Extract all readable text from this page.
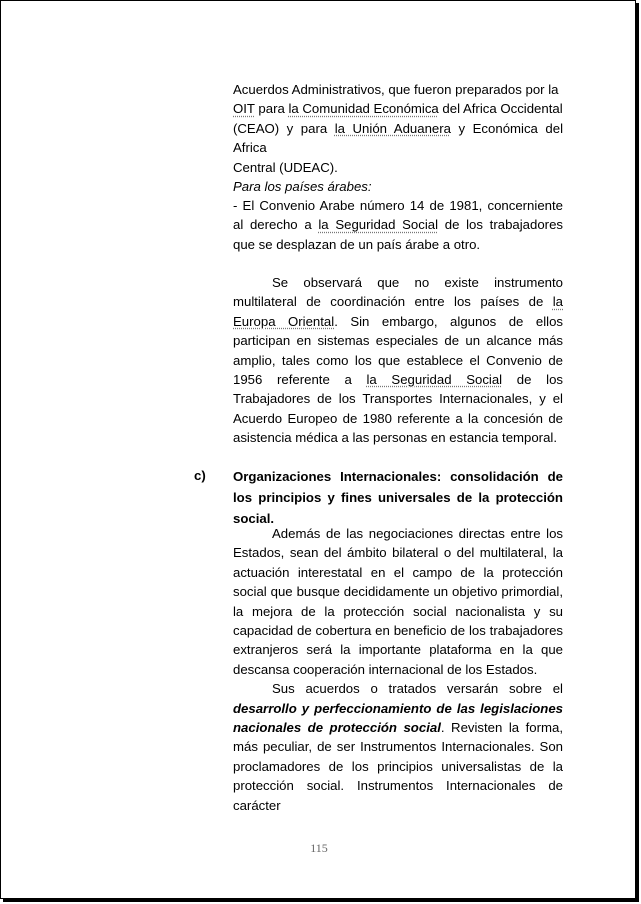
Acuerdos Administrativos, que fueron preparados por la

OIT para la Comunidad Económica del Africa Occidental

(CEAO) y para la Unión Aduanera y Económica del Africa

Central (UDEAC).

Para los países árabes:

- El Convenio Arabe número 14 de 1981, concerniente al derecho a la Seguridad Social de los trabajadores que se desplazan de un país árabe a otro.

Se observará que no existe instrumento multilateral de coordinación entre los países de la Europa Oriental. Sin embargo, algunos de ellos participan en sistemas especiales de un alcance más amplio, tales como los que establece el Convenio de 1956 referente a la Seguridad Social de los Trabajadores de los Transportes Internacionales, y el Acuerdo Europeo de 1980 referente a la concesión de asistencia médica a las personas en estancia temporal.

c) Organizaciones Internacionales: consolidación de los principios y fines universales de la protección social.

Además de las negociaciones directas entre los Estados, sean del ámbito bilateral o del multilateral, la actuación interestatal en el campo de la protección social que busque decididamente un objetivo primordial, la mejora de la protección social nacionalista y su capacidad de cobertura en beneficio de los trabajadores extranjeros será la importante plataforma en la que descansa cooperación internacional de los Estados.

Sus acuerdos o tratados versarán sobre el desarrollo y perfeccionamiento de las legislaciones nacionales de protección social. Revisten la forma, más peculiar, de ser Instrumentos Internacionales. Son proclamadores de los principios universalistas de la protección social. Instrumentos Internacionales de carácter

115
